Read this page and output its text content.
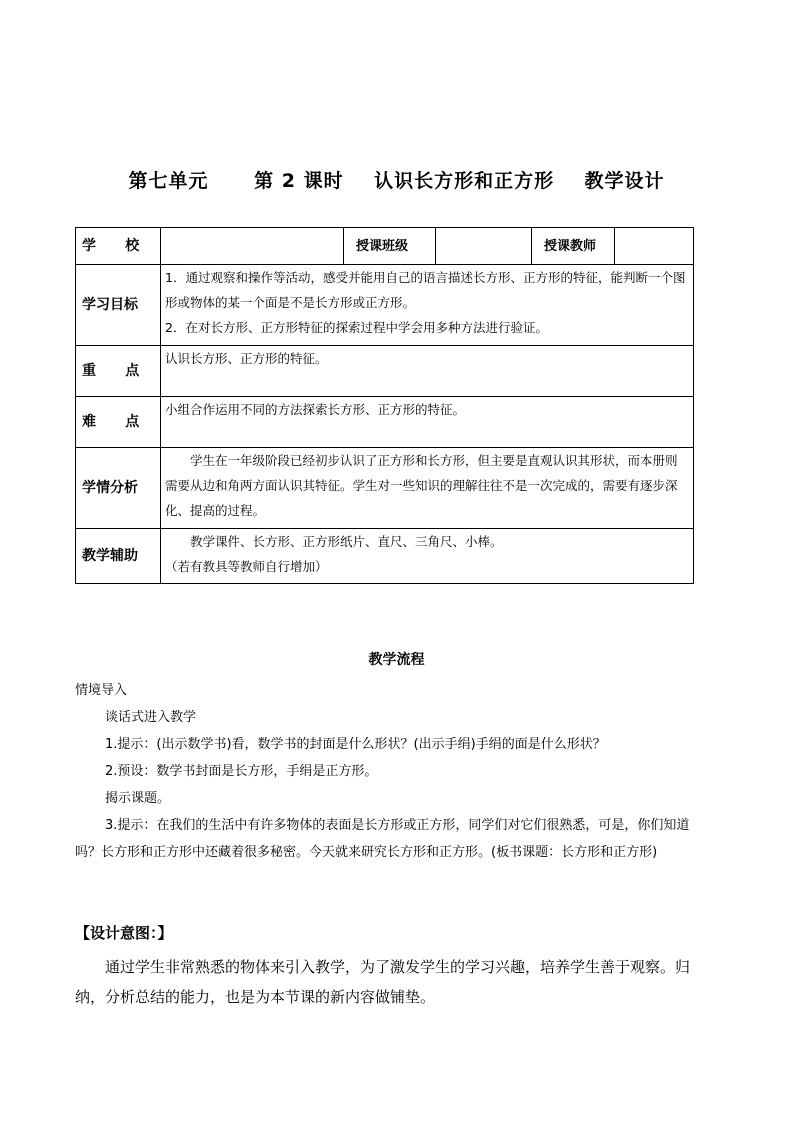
第七单元      第 2 课时    认识长方形和正方形    教学设计
学      校		授课班级		授课教师	
学习目标	1．通过观察和操作等活动，感受并能用自己的语言描述长方形、正方形的特征，能判断一个图形或物体的某一个面是不是长方形或正方形。

2．在对长方形、正方形特征的探索过程中学会用多种方法进行验证。				

重      点	认识长方形、正方形的特征。				
难      点	小组合作运用不同的方法探索长方形、正方形的特征。				
学情分析	学生在一年级阶段已经初步认识了正方形和长方形，但主要是直观认识其形状，而本册则需要从边和角两方面认识其特征。学生对一些知识的理解往往不是一次完成的，需要有逐步深化、提高的过程。				

教学辅助	教学课件、长方形、正方形纸片、直尺、三角尺、小棒。

（若有教具等教师自行增加）				

教学流程

情境导入

谈话式进入教学

1.提示：(出示数学书)看，数学书的封面是什么形状？(出示手绢)手绢的面是什么形状？

2.预设：数学书封面是长方形，手绢是正方形。

揭示课题。

3.提示：在我们的生活中有许多物体的表面是长方形或正方形，同学们对它们很熟悉，可是，你们知道吗？长方形和正方形中还藏着很多秘密。今天就来研究长方形和正方形。(板书课题：长方形和正方形)

【设计意图：】

通过学生非常熟悉的物体来引入教学，为了激发学生的学习兴趣，培养学生善于观察。归纳，分析总结的能力，也是为本节课的新内容做铺垫。
